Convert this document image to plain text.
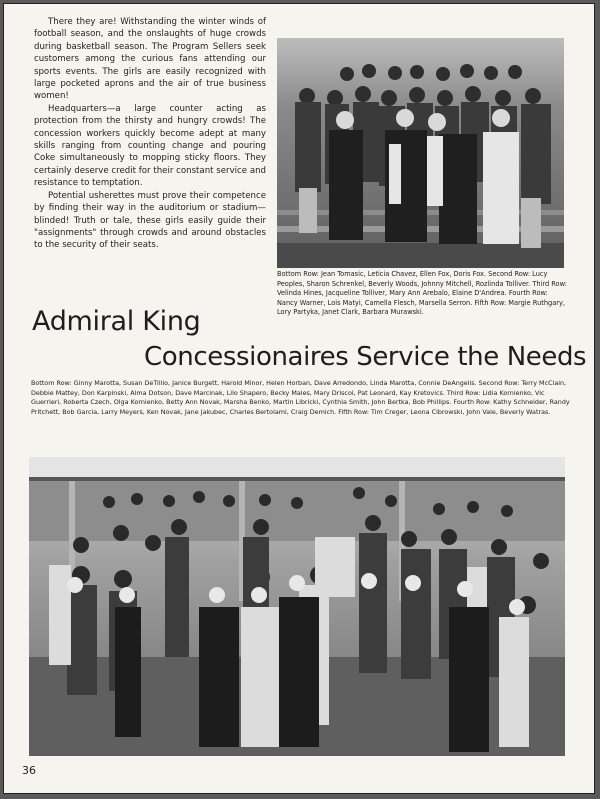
There they are! Withstanding the winter winds of football season, and the onslaughts of huge crowds during basketball season. The Program Sellers seek customers among the curious fans attending our sports events. The girls are easily recognized with large pocketed aprons and the air of true business women!

Headquarters—a large counter acting as protection from the thirsty and hungry crowds! The concession workers quickly become adept at many skills ranging from counting change and pouring Coke simultaneously to mopping sticky floors. They certainly deserve credit for their constant service and resistance to temptation.

Potential usherettes must prove their competence by finding their way in the auditorium or stadium—blinded! Truth or tale, these girls easily guide their "assignments" through crowds and around obstacles to the security of their seats.

Bottom Row: Jean Tomasic, Leticia Chavez, Ellen Fox, Doris Fox. Second Row: Lucy Peoples, Sharon Schrenkel, Beverly Woods, Johnny Mitchell, Rozlinda Tolliver. Third Row: Velinda Hines, Jacqueline Tolliver, Mary Ann Arebalo, Elaine D'Andrea. Fourth Row: Nancy Warner, Lois Matyi, Camella Flesch, Marsella Serron. Fifth Row: Margie Ruthgary, Lory Partyka, Janet Clark, Barbara Murawski.
Admiral King
Concessionaires Service the Needs
Bottom Row: Ginny Marotta, Susan DeTillio, Janice Burgett, Harold Minor, Helen Horban, Dave Arredondo, Linda Marotta, Connie DeAngelis. Second Row: Terry McClain, Debbie Mattey, Don Karpinski, Alma Dotson, Dave Marcinak, Lilo Shapero, Becky Males, Mary Driscol, Pat Leonard, Kay Kretovics. Third Row: Lidia Kornienko, Vic Guerrieri, Roberta Czech, Olga Kornienko, Betty Ann Novak, Marsha Benko, Martin Libricki, Cynthia Smith, John Bertka, Bob Phillips. Fourth Row: Kathy Schneider, Randy Pritchett, Bob Garcia, Larry Meyers, Ken Novak, Jane Jakubec, Charles Bertolami, Craig Demich. Fifth Row: Tim Creger, Leona Cibrowski, John Vale, Beverly Watras.
36
